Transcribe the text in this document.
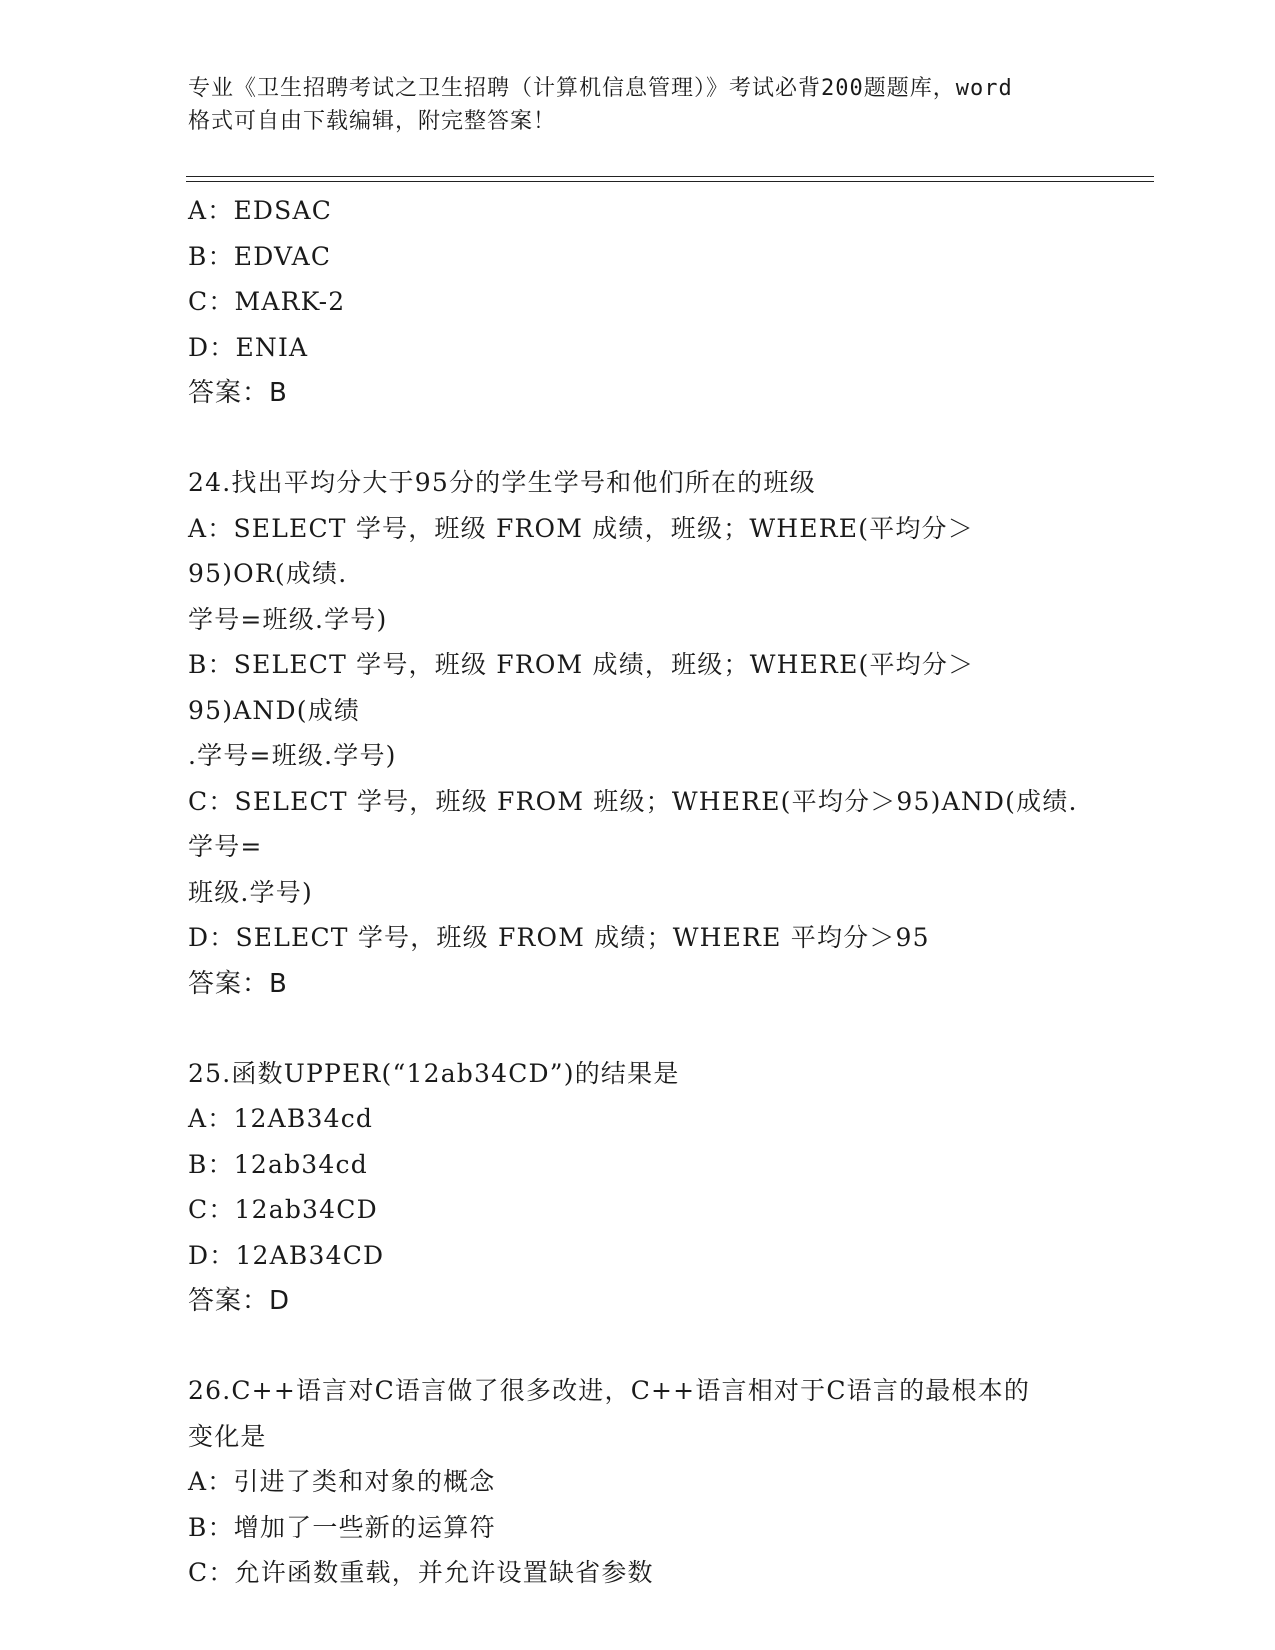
专业《卫生招聘考试之卫生招聘（计算机信息管理）》考试必背200题题库，word
格式可自由下载编辑，附完整答案！

A：EDSAC

B：EDVAC

C：MARK-2

D：ENIA

答案：B

24.找出平均分大于95分的学生学号和他们所在的班级

A：SELECT 学号，班级 FROM 成绩，班级；WHERE(平均分＞95)OR(成绩.

学号=班级.学号)

B：SELECT 学号，班级 FROM 成绩，班级；WHERE(平均分＞95)AND(成绩

.学号=班级.学号)

C：SELECT 学号，班级 FROM 班级；WHERE(平均分＞95)AND(成绩.学号=

班级.学号)

D：SELECT 学号，班级 FROM 成绩；WHERE 平均分＞95

答案：B

25.函数UPPER(“12ab34CD”)的结果是

A：12AB34cd

B：12ab34cd

C：12ab34CD

D：12AB34CD

答案：D

26.C++语言对C语言做了很多改进，C++语言相对于C语言的最根本的

变化是

A：引进了类和对象的概念

B：增加了一些新的运算符

C：允许函数重载，并允许设置缺省参数
